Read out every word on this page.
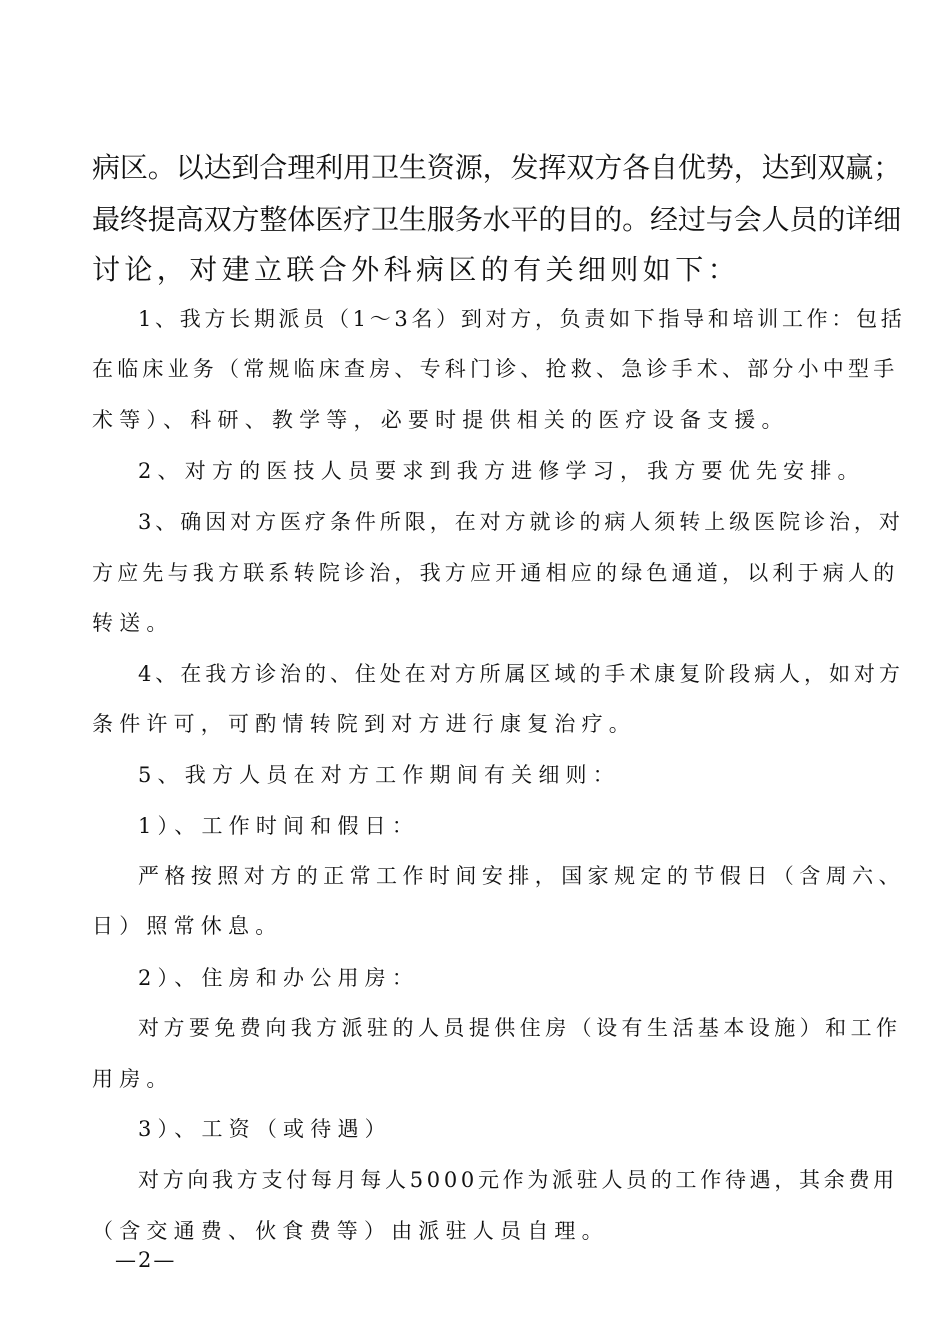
病区。以达到合理利用卫生资源，发挥双方各自优势，达到双赢；

最终提高双方整体医疗卫生服务水平的目的。经过与会人员的详细

讨论，对建立联合外科病区的有关细则如下：

1、我方长期派员（1～3名）到对方，负责如下指导和培训工作：包括

在临床业务（常规临床查房、专科门诊、抢救、急诊手术、部分小中型手

术等）、科研、教学等，必要时提供相关的医疗设备支援。

2、对方的医技人员要求到我方进修学习，我方要优先安排。

3、确因对方医疗条件所限，在对方就诊的病人须转上级医院诊治，对

方应先与我方联系转院诊治，我方应开通相应的绿色通道，以利于病人的

转送。

4、在我方诊治的、住处在对方所属区域的手术康复阶段病人，如对方

条件许可，可酌情转院到对方进行康复治疗。

5、我方人员在对方工作期间有关细则：

1）、工作时间和假日：

严格按照对方的正常工作时间安排，国家规定的节假日（含周六、

日）照常休息。

2）、住房和办公用房：

对方要免费向我方派驻的人员提供住房（设有生活基本设施）和工作

用房。

3）、工资（或待遇）

对方向我方支付每月每人5000元作为派驻人员的工作待遇，其余费用

（含交通费、伙食费等）由派驻人员自理。

—2—
